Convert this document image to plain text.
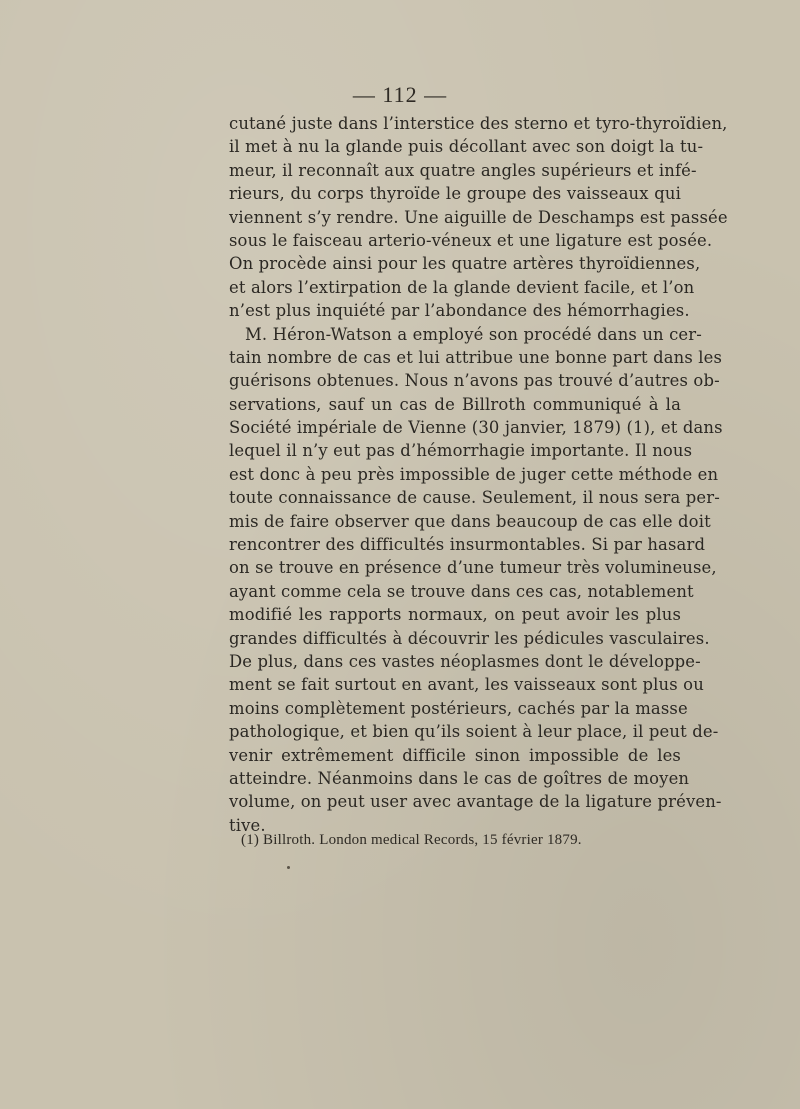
— 112 —
cutané juste dans l’interstice des sterno et tyro-thyroïdien,
il met à nu la glande puis décollant avec son doigt la tu-
meur, il reconnaît aux quatre angles supérieurs et infé-
rieurs, du corps thyroïde le groupe des vaisseaux qui
viennent s’y rendre. Une aiguille de Deschamps est passée
sous le faisceau arterio-véneux et une ligature est posée.
On procède ainsi pour les quatre artères thyroïdiennes,
et alors l’extirpation de la glande devient facile, et l’on
n’est plus inquiété par l’abondance des hémorrhagies.
M. Héron-Watson a employé son procédé dans un cer-
tain nombre de cas et lui attribue une bonne part dans les
guérisons obtenues. Nous n’avons pas trouvé d’autres ob-
servations, sauf un cas de Billroth communiqué à la
Société impériale de Vienne (30 janvier, 1879) (1), et dans
lequel il n’y eut pas d’hémorrhagie importante. Il nous
est donc à peu près impossible de juger cette méthode en
toute connaissance de cause. Seulement, il nous sera per-
mis de faire observer que dans beaucoup de cas elle doit
rencontrer des difficultés insurmontables. Si par hasard
on se trouve en présence d’une tumeur très volumineuse,
ayant comme cela se trouve dans ces cas, notablement
modifié les rapports normaux, on peut avoir les plus
grandes difficultés à découvrir les pédicules vasculaires.
De plus, dans ces vastes néoplasmes dont le développe-
ment se fait surtout en avant, les vaisseaux sont plus ou
moins complètement postérieurs, cachés par la masse
pathologique, et bien qu’ils soient à leur place, il peut de-
venir extrêmement difficile sinon impossible de les
atteindre. Néanmoins dans le cas de goîtres de moyen
volume, on peut user avec avantage de la ligature préven-
tive.
(1) Billroth. London medical Records, 15 février 1879.
